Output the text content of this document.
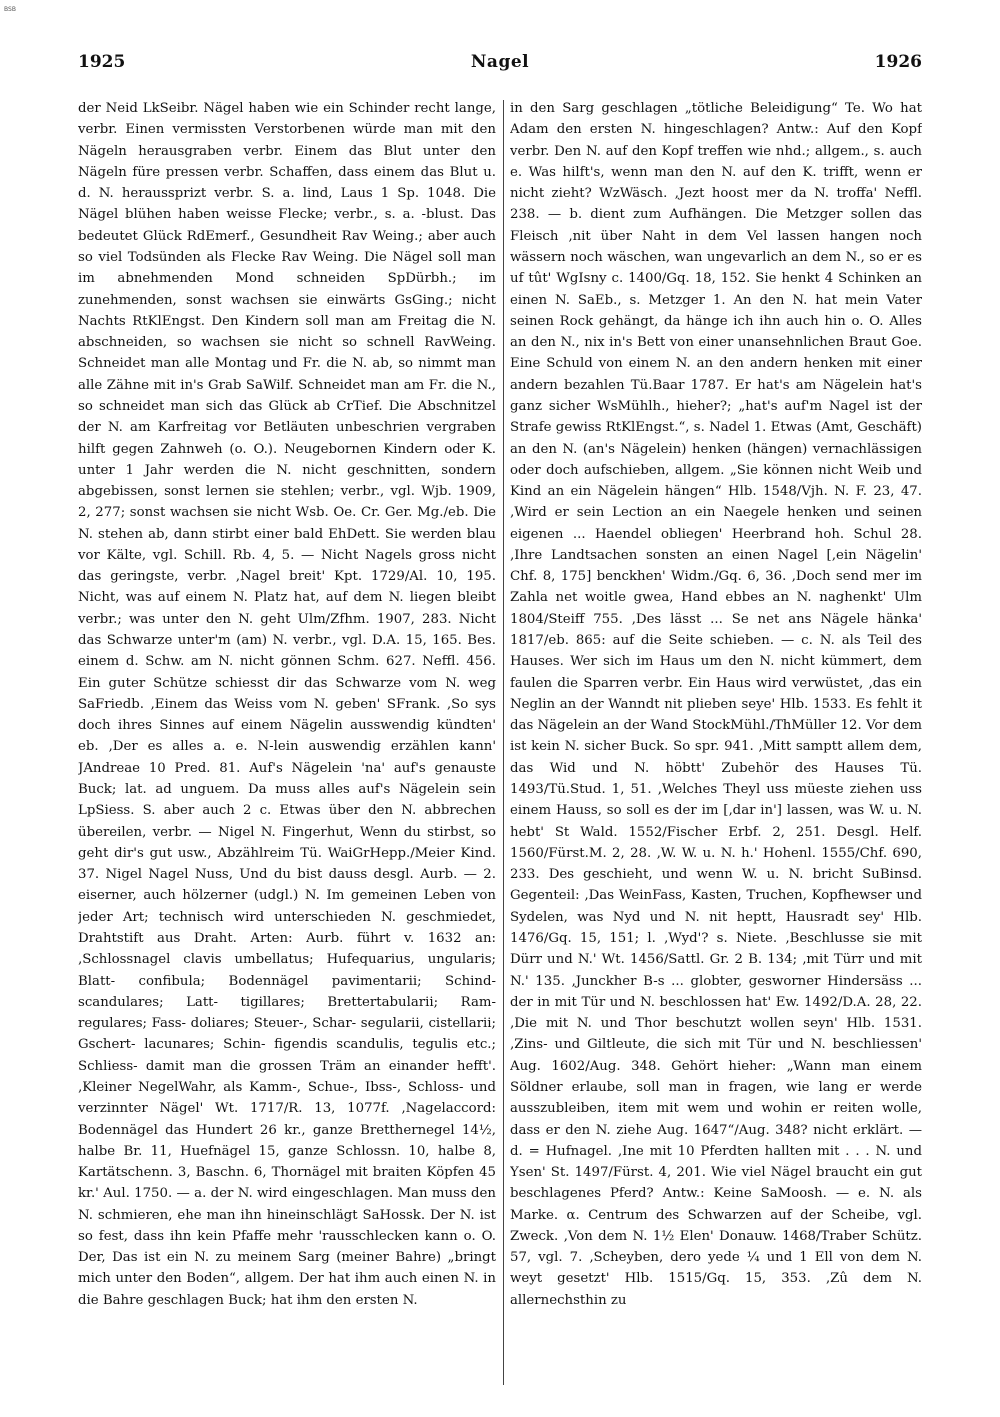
BSB
1925	Nagel	1926

der Neid LkSeibr. Nägel haben wie ein Schinder recht lange, verbr. Einen vermissten Verstorbenen würde man mit den Nägeln herausgraben verbr. Einem das Blut unter den Nägeln füre pressen verbr. Schaffen, dass einem das Blut u. d. N. heraussprizt verbr. S. a. lind, Laus 1 Sp. 1048. Die Nägel blühen haben weisse Flecke; verbr., s. a. -blust. Das bedeutet Glück RdEmerf., Gesundheit Rav Weing.; aber auch so viel Todsünden als Flecke Rav Weing. Die Nägel soll man im abnehmenden Mond schneiden SpDürbh.; im zunehmenden, sonst wachsen sie einwärts GsGing.; nicht Nachts RtKlEngst. Den Kindern soll man am Freitag die N. abschneiden, so wachsen sie nicht so schnell RavWeing. Schneidet man alle Montag und Fr. die N. ab, so nimmt man alle Zähne mit in's Grab SaWilf. Schneidet man am Fr. die N., so schneidet man sich das Glück ab CrTief. Die Abschnitzel der N. am Karfreitag vor Betläuten unbeschrien vergraben hilft gegen Zahnweh (o. O.). Neugebornen Kindern oder K. unter 1 Jahr werden die N. nicht geschnitten, sondern abgebissen, sonst lernen sie stehlen; verbr., vgl. Wjb. 1909, 2, 277; sonst wachsen sie nicht Wsb. Oe. Cr. Ger. Mg./eb. Die N. stehen ab, dann stirbt einer bald EhDett. Sie werden blau vor Kälte, vgl. Schill. Rb. 4, 5. — Nicht Nagels gross nicht das geringste, verbr. ‚Nagel breit' Kpt. 1729/Al. 10, 195. Nicht, was auf einem N. Platz hat, auf dem N. liegen bleibt verbr.; was unter den N. geht Ulm/Zfhm. 1907, 283. Nicht das Schwarze unter'm (am) N. verbr., vgl. D.A. 15, 165. Bes. einem d. Schw. am N. nicht gönnen Schm. 627. Neffl. 456. Ein guter Schütze schiesst dir das Schwarze vom N. weg SaFriedb. ‚Einem das Weiss vom N. geben' SFrank. ‚So sys doch ihres Sinnes auf einem Nägelin ausswendig kündten' eb. ‚Der es alles a. e. N-lein auswendig erzählen kann' JAndreae 10 Pred. 81. Auf's Nägelein 'na' auf's genauste Buck; lat. ad unguem. Da muss alles auf's Nägelein sein LpSiess. S. aber auch 2 c. Etwas über den N. abbrechen übereilen, verbr. — Nigel N. Fingerhut, Wenn du stirbst, so geht dir's gut usw., Abzählreim Tü. WaiGrHepp./Meier Kind. 37. Nigel Nagel Nuss, Und du bist dauss desgl. Aurb. — 2. eiserner, auch hölzerner (udgl.) N. Im gemeinen Leben von jeder Art; technisch wird unterschieden N. geschmiedet, Drahtstift aus Draht. Arten: Aurb. führt v. 1632 an: ‚Schlossnagel clavis umbellatus; Hufequarius, ungularis; Blatt- confibula; Bodennägel pavimentarii; Schind- scandulares; Latt- tigillares; Brettertabularii; Ram- regulares; Fass- doliares; Steuer-, Schar- segularii, cistellarii; Gschert- lacunares; Schin- figendis scandulis, tegulis etc.; Schliess- damit man die grossen Träm an einander hefft'. ‚Kleiner NegelWahr, als Kamm-, Schue-, Ibss-, Schloss- und verzinnter Nägel' Wt. 1717/R. 13, 1077f. ‚Nagelaccord: Bodennägel das Hundert 26 kr., ganze Bretthernegel 14½, halbe Br. 11, Huefnägel 15, ganze Schlossn. 10, halbe 8, Kartätschenn. 3, Baschn. 6, Thornägel mit braiten Köpfen 45 kr.' Aul. 1750. — a. der N. wird eingeschlagen. Man muss den N. schmieren, ehe man ihn hineinschlägt SaHossk. Der N. ist so fest, dass ihn kein Pfaffe mehr 'rausschlecken kann o. O. Der, Das ist ein N. zu meinem Sarg (meiner Bahre) „bringt mich unter den Boden“, allgem. Der hat ihm auch einen N. in die Bahre geschlagen Buck; hat ihm den ersten N.

in den Sarg geschlagen „tötliche Beleidigung“ Te. Wo hat Adam den ersten N. hingeschlagen? Antw.: Auf den Kopf verbr. Den N. auf den Kopf treffen wie nhd.; allgem., s. auch e. Was hilft's, wenn man den N. auf den K. trifft, wenn er nicht zieht? WzWäsch. ‚Jezt hoost mer da N. troffa' Neffl. 238. — b. dient zum Aufhängen. Die Metzger sollen das Fleisch ‚nit über Naht in dem Vel lassen hangen noch wässern noch wäschen, wan ungevarlich an dem N., so er es uf tût' WgIsny c. 1400/Gq. 18, 152. Sie henkt 4 Schinken an einen N. SaEb., s. Metzger 1. An den N. hat mein Vater seinen Rock gehängt, da hänge ich ihn auch hin o. O. Alles an den N., nix in's Bett von einer unansehnlichen Braut Goe. Eine Schuld von einem N. an den andern henken mit einer andern bezahlen Tü.Baar 1787. Er hat's am Nägelein hat's ganz sicher WsMühlh., hieher?; „hat's auf'm Nagel ist der Strafe gewiss RtKlEngst.“, s. Nadel 1. Etwas (Amt, Geschäft) an den N. (an's Nägelein) henken (hängen) vernachlässigen oder doch aufschieben, allgem. „Sie können nicht Weib und Kind an ein Nägelein hängen“ Hlb. 1548/Vjh. N. F. 23, 47. ‚Wird er sein Lection an ein Naegele henken und seinen eigenen ... Haendel obliegen' Heerbrand hoh. Schul 28. ‚Ihre Landtsachen sonsten an einen Nagel [‚ein Nägelin' Chf. 8, 175] benckhen' Widm./Gq. 6, 36. ‚Doch send mer im Zahla net woitle gwea, Hand ebbes an N. naghenkt' Ulm 1804/Steiff 755. ‚Des lässt ... Se net ans Nägele hänka' 1817/eb. 865: auf die Seite schieben. — c. N. als Teil des Hauses. Wer sich im Haus um den N. nicht kümmert, dem faulen die Sparren verbr. Ein Haus wird verwüstet, ‚das ein Neglin an der Wanndt nit plieben seye' Hlb. 1533. Es fehlt it das Nägelein an der Wand StockMühl./ThMüller 12. Vor dem ist kein N. sicher Buck. So spr. 941. ‚Mitt samptt allem dem, das Wid und N. höbtt' Zubehör des Hauses Tü. 1493/Tü.Stud. 1, 51. ‚Welches Theyl uss müeste ziehen uss einem Hauss, so soll es der im [‚dar in'] lassen, was W. u. N. hebt' St Wald. 1552/Fischer Erbf. 2, 251. Desgl. Helf. 1560/Fürst.M. 2, 28. ‚W. W. u. N. h.' Hohenl. 1555/Chf. 690, 233. Des geschieht, und wenn W. u. N. bricht SuBinsd. Gegenteil: ‚Das WeinFass, Kasten, Truchen, Kopfhewser und Sydelen, was Nyd und N. nit heptt, Hausradt sey' Hlb. 1476/Gq. 15, 151; l. ‚Wyd'? s. Niete. ‚Beschlusse sie mit Dürr und N.' Wt. 1456/Sattl. Gr. 2 B. 134; ‚mit Türr und mit N.' 135. ‚Junckher B-s ... globter, gesworner Hindersäss ... der in mit Tür und N. beschlossen hat' Ew. 1492/D.A. 28, 22. ‚Die mit N. und Thor beschutzt wollen seyn' Hlb. 1531. ‚Zins- und Giltleute, die sich mit Tür und N. beschliessen' Aug. 1602/Aug. 348. Gehört hieher: „Wann man einem Söldner erlaube, soll man in fragen, wie lang er werde ausszubleiben, item mit wem und wohin er reiten wolle, dass er den N. ziehe Aug. 1647“/Aug. 348? nicht erklärt. — d. = Hufnagel. ‚Ine mit 10 Pferdten hallten mit . . . N. und Ysen' St. 1497/Fürst. 4, 201. Wie viel Nägel braucht ein gut beschlagenes Pferd? Antw.: Keine SaMoosh. — e. N. als Marke. α. Centrum des Schwarzen auf der Scheibe, vgl. Zweck. ‚Von dem N. 1½ Elen' Donauw. 1468/Traber Schütz. 57, vgl. 7. ‚Scheyben, dero yede ¼ und 1 Ell von dem N. weyt gesetzt' Hlb. 1515/Gq. 15, 353. ‚Zû dem N. allernechsthin zu
